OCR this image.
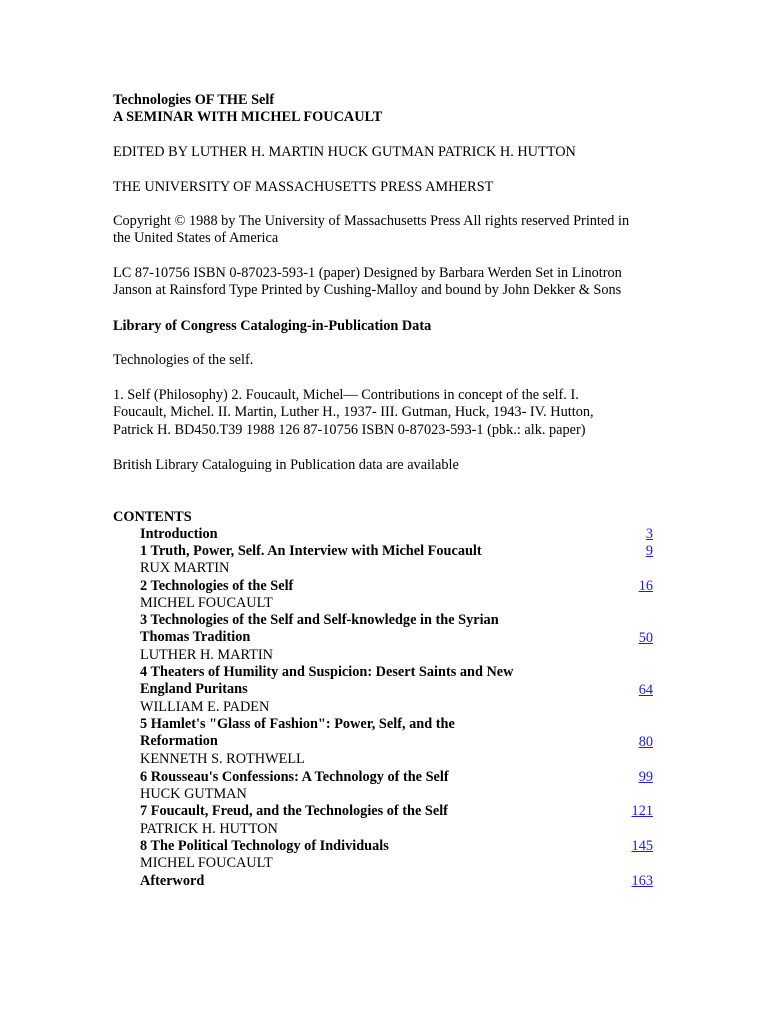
Technologies OF THE Self
A SEMINAR WITH MICHEL FOUCAULT
EDITED BY LUTHER H. MARTIN HUCK GUTMAN PATRICK H. HUTTON
THE UNIVERSITY OF MASSACHUSETTS PRESS AMHERST
Copyright © 1988 by The University of Massachusetts Press All rights reserved Printed in the United States of America
LC 87-10756 ISBN 0-87023-593-1 (paper) Designed by Barbara Werden Set in Linotron Janson at Rainsford Type Printed by Cushing-Malloy and bound by John Dekker & Sons
Library of Congress Cataloging-in-Publication Data
Technologies of the self.
1. Self (Philosophy) 2. Foucault, Michel— Contributions in concept of the self. I. Foucault, Michel. II. Martin, Luther H., 1937- III. Gutman, Huck, 1943- IV. Hutton, Patrick H. BD450.T39 1988 126 87-10756 ISBN 0-87023-593-1 (pbk.: alk. paper)
British Library Cataloguing in Publication data are available
CONTENTS
Introduction	3
1 Truth, Power, Self. An Interview with Michel Foucault	9
RUX MARTIN
2 Technologies of the Self	16
MICHEL FOUCAULT
3 Technologies of the Self and Self-knowledge in the Syrian Thomas Tradition	50
LUTHER H. MARTIN
4 Theaters of Humility and Suspicion: Desert Saints and New England Puritans	64
WILLIAM E. PADEN
5 Hamlet's "Glass of Fashion": Power, Self, and the Reformation	80
KENNETH S. ROTHWELL
6 Rousseau's Confessions: A Technology of the Self	99
HUCK GUTMAN
7 Foucault, Freud, and the Technologies of the Self	121
PATRICK H. HUTTON
8 The Political Technology of Individuals	145
MICHEL FOUCAULT
Afterword	163
